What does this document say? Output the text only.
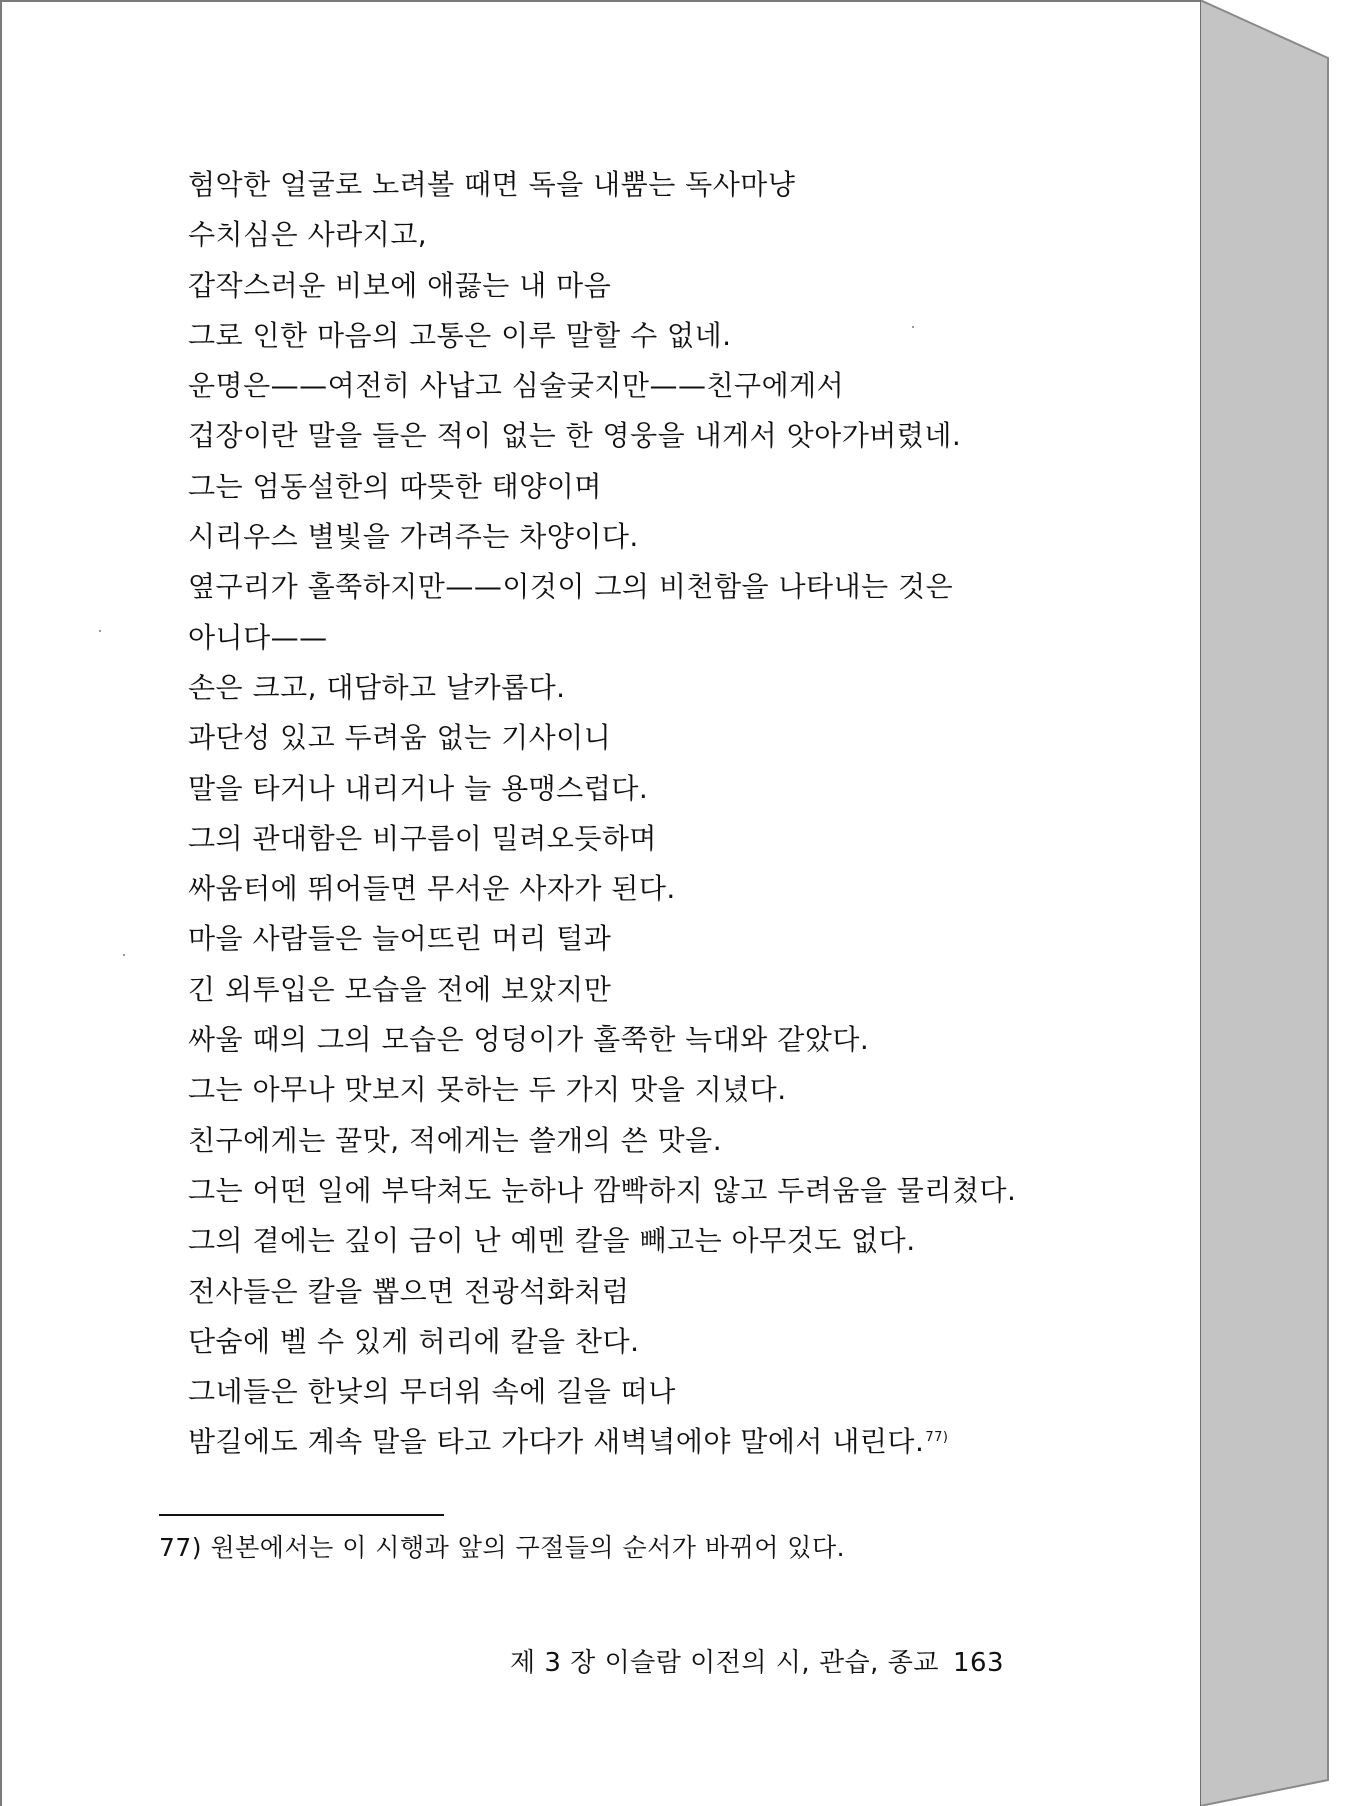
험악한 얼굴로 노려볼 때면 독을 내뿜는 독사마냥
수치심은 사라지고,
갑작스러운 비보에 애끓는 내 마음
그로 인한 마음의 고통은 이루 말할 수 없네.
운명은——여전히 사납고 심술궂지만——친구에게서
겁장이란 말을 들은 적이 없는 한 영웅을 내게서 앗아가버렸네.
그는 엄동설한의 따뜻한 태양이며
시리우스 별빛을 가려주는 차양이다.
옆구리가 홀쭉하지만——이것이 그의 비천함을 나타내는 것은
아니다——
손은 크고, 대담하고 날카롭다.
과단성 있고 두려움 없는 기사이니
말을 타거나 내리거나 늘 용맹스럽다.
그의 관대함은 비구름이 밀려오듯하며
싸움터에 뛰어들면 무서운 사자가 된다.
마을 사람들은 늘어뜨린 머리 털과
긴 외투입은 모습을 전에 보았지만
싸울 때의 그의 모습은 엉덩이가 홀쭉한 늑대와 같았다.
그는 아무나 맛보지 못하는 두 가지 맛을 지녔다.
친구에게는 꿀맛, 적에게는 쓸개의 쓴 맛을.
그는 어떤 일에 부닥쳐도 눈하나 깜빡하지 않고 두려움을 물리쳤다.
그의 곁에는 깊이 금이 난 예멘 칼을 빼고는 아무것도 없다.
전사들은 칼을 뽑으면 전광석화처럼
단숨에 벨 수 있게 허리에 칼을 찬다.
그네들은 한낮의 무더위 속에 길을 떠나
밤길에도 계속 말을 타고 가다가 새벽녘에야 말에서 내린다.$^{77)}$
77) 원본에서는 이 시행과 앞의 구절들의 순서가 바뀌어 있다.
제 3 장 이슬람 이전의 시, 관습, 종교 163
